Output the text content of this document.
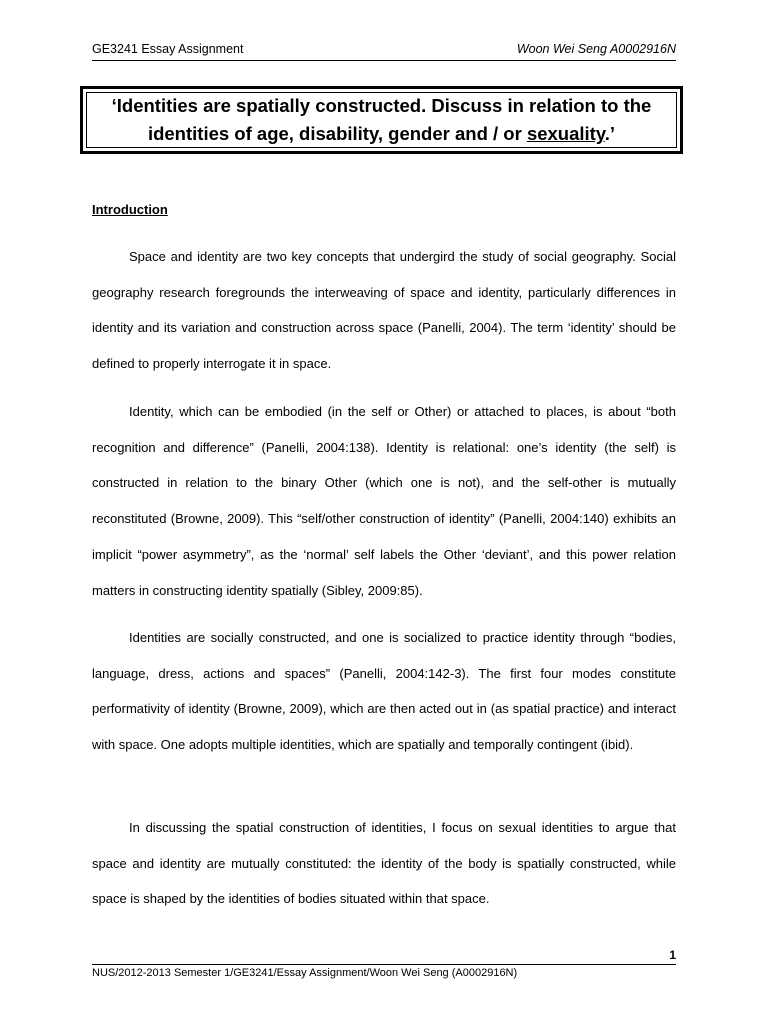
GE3241 Essay Assignment	Woon Wei Seng A0002916N
‘Identities are spatially constructed. Discuss in relation to the identities of age, disability, gender and / or sexuality.’
Introduction

Space and identity are two key concepts that undergird the study of social geography. Social geography research foregrounds the interweaving of space and identity, particularly differences in identity and its variation and construction across space (Panelli, 2004). The term ‘identity’ should be defined to properly interrogate it in space.

Identity, which can be embodied (in the self or Other) or attached to places, is about “both recognition and difference” (Panelli, 2004:138). Identity is relational: one’s identity (the self) is constructed in relation to the binary Other (which one is not), and the self-other is mutually reconstituted (Browne, 2009). This “self/other construction of identity” (Panelli, 2004:140) exhibits an implicit “power asymmetry”, as the ‘normal’ self labels the Other ‘deviant’, and this power relation matters in constructing identity spatially (Sibley, 2009:85).

Identities are socially constructed, and one is socialized to practice identity through “bodies, language, dress, actions and spaces” (Panelli, 2004:142-3). The first four modes constitute performativity of identity (Browne, 2009), which are then acted out in (as spatial practice) and interact with space. One adopts multiple identities, which are spatially and temporally contingent (ibid).

In discussing the spatial construction of identities, I focus on sexual identities to argue that space and identity are mutually constituted: the identity of the body is spatially constructed, while space is shaped by the identities of bodies situated within that space.

1
NUS/2012-2013 Semester 1/GE3241/Essay Assignment/Woon Wei Seng (A0002916N)
